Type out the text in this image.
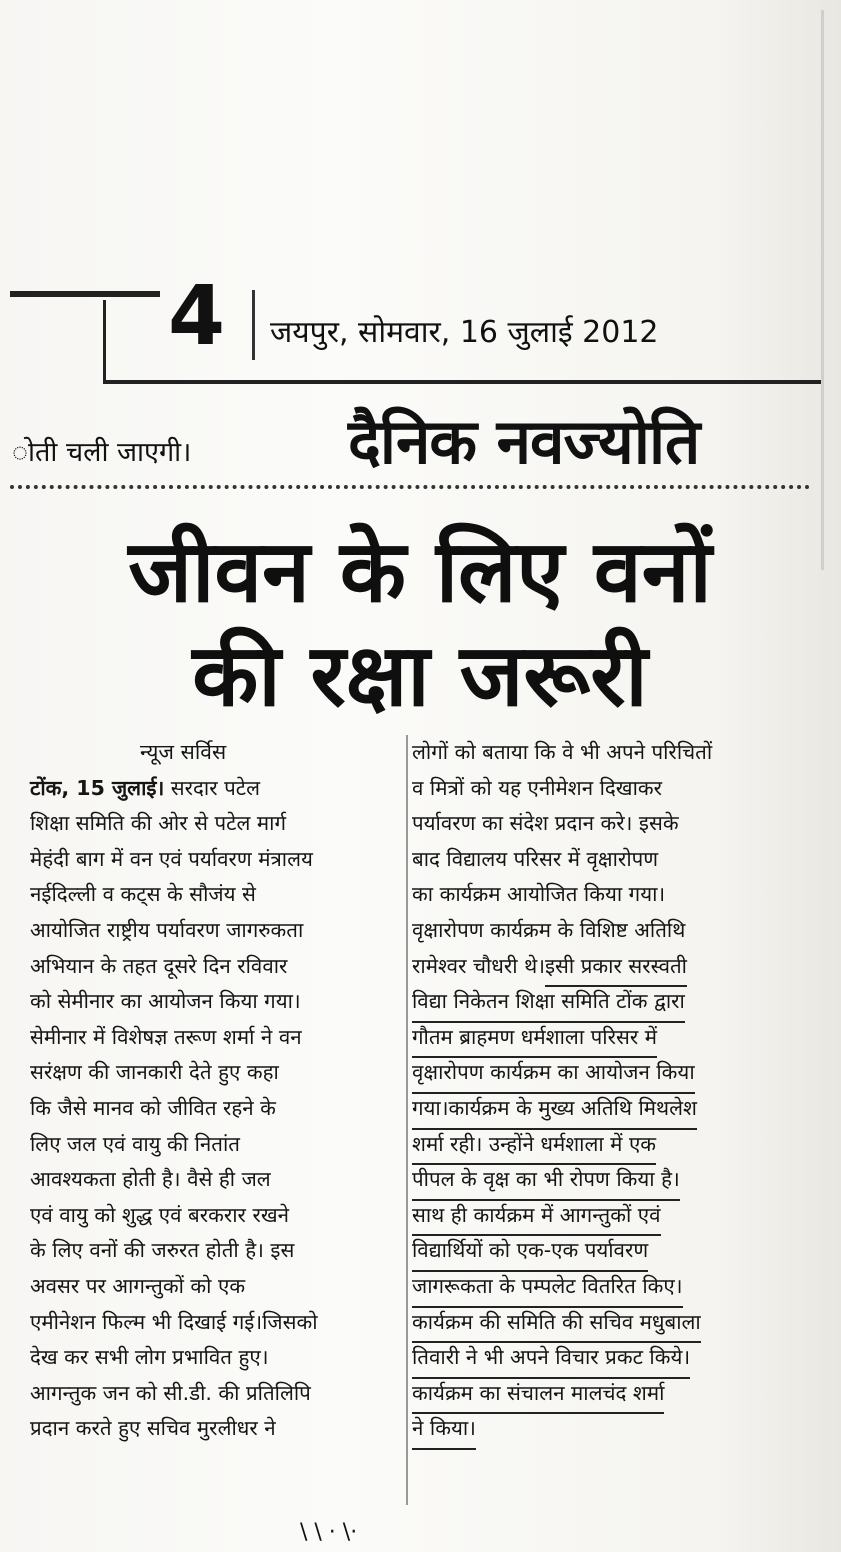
4 जयपुर, सोमवार, 16 जुलाई 2012
ोती चली जाएगी।	दैनिक नवज्योति
जीवन के लिए वनों
की रक्षा जरूरी
न्यूज सर्विस
टोंक, 15 जुलाई। सरदार पटेल
शिक्षा समिति की ओर से पटेल मार्ग
मेहंदी बाग में वन एवं पर्यावरण मंत्रालय
नईदिल्ली व कट्स के सौजंय से
आयोजित राष्ट्रीय पर्यावरण जागरुकता
अभियान के तहत दूसरे दिन रविवार
को सेमीनार का आयोजन किया गया।
सेमीनार में विशेषज्ञ तरूण शर्मा ने वन
सरंक्षण की जानकारी देते हुए कहा
कि जैसे मानव को जीवित रहने के
लिए जल एवं वायु की नितांत
आवश्यकता होती है। वैसे ही जल
एवं वायु को शुद्ध एवं बरकरार रखने
के लिए वनों की जरुरत होती है। इस
अवसर पर आगन्तुकों को एक
एमीनेशन फिल्म भी दिखाई गई।जिसको
देख कर सभी लोग प्रभावित हुए।
आगन्तुक जन को सी.डी. की प्रतिलिपि
प्रदान करते हुए सचिव मुरलीधर ने
लोगों को बताया कि वे भी अपने परिचितों
व मित्रों को यह एनीमेशन दिखाकर
पर्यावरण का संदेश प्रदान करे। इसके
बाद विद्यालय परिसर में वृक्षारोपण
का कार्यक्रम आयोजित किया गया।
वृक्षारोपण कार्यक्रम के विशिष्ट अतिथि
रामेश्वर चौधरी थे।इसी प्रकार सरस्वती
विद्या निकेतन शिक्षा समिति टोंक द्वारा
गौतम ब्राहमण धर्मशाला परिसर में
वृक्षारोपण कार्यक्रम का आयोजन किया
गया।कार्यक्रम के मुख्य अतिथि मिथलेश
शर्मा रही। उन्होंने धर्मशाला में एक
पीपल के वृक्ष का भी रोपण किया है।
साथ ही कार्यक्रम में आगन्तुकों एवं
विद्यार्थियों को एक-एक पर्यावरण
जागरूकता के पम्पलेट वितरित किए।
कार्यक्रम की समिति की सचिव मधुबाला
तिवारी ने भी अपने विचार प्रकट किये।
कार्यक्रम का संचालन मालचंद शर्मा
ने किया।
\ \ · \·
